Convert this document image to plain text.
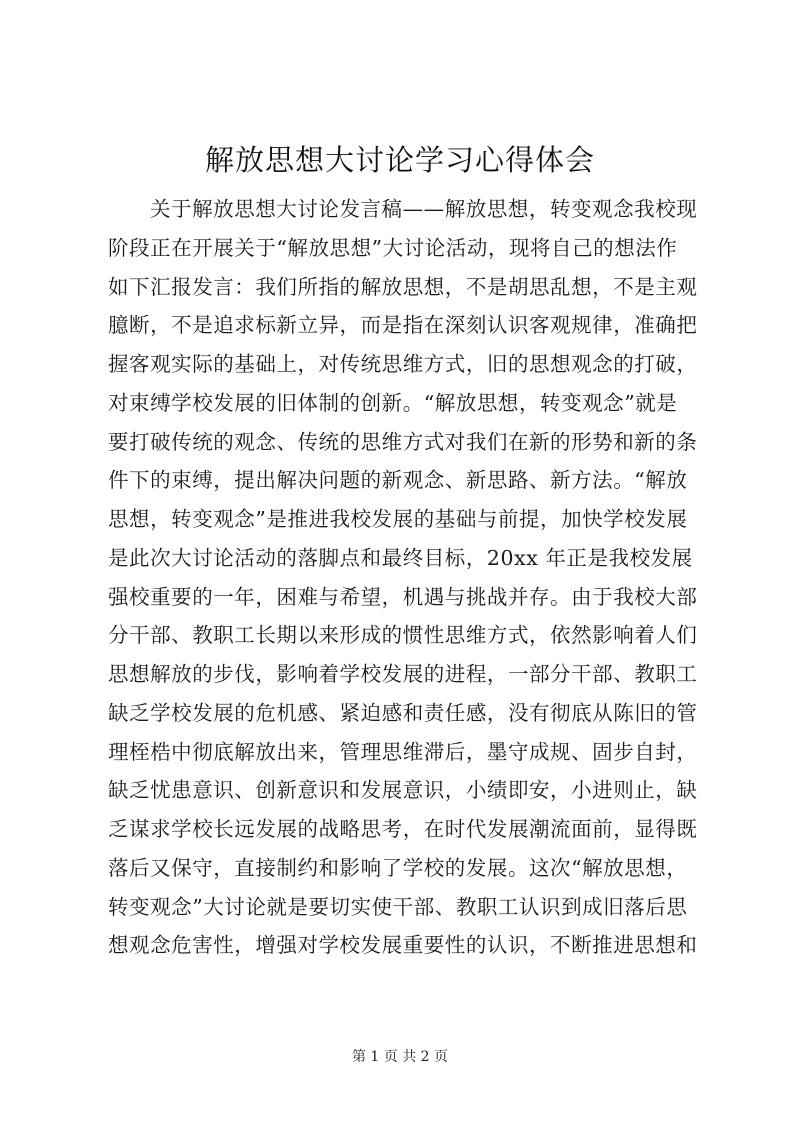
解放思想大讨论学习心得体会
关于解放思想大讨论发言稿——解放思想，转变观念我校现
阶段正在开展关于“解放思想”大讨论活动，现将自己的想法作
如下汇报发言：我们所指的解放思想，不是胡思乱想，不是主观
臆断，不是追求标新立异，而是指在深刻认识客观规律，准确把
握客观实际的基础上，对传统思维方式，旧的思想观念的打破，
对束缚学校发展的旧体制的创新。“解放思想，转变观念”就是
要打破传统的观念、传统的思维方式对我们在新的形势和新的条
件下的束缚，提出解决问题的新观念、新思路、新方法。“解放
思想，转变观念”是推进我校发展的基础与前提，加快学校发展
是此次大讨论活动的落脚点和最终目标，20xx 年正是我校发展
强校重要的一年，困难与希望，机遇与挑战并存。由于我校大部
分干部、教职工长期以来形成的惯性思维方式，依然影响着人们
思想解放的步伐，影响着学校发展的进程，一部分干部、教职工
缺乏学校发展的危机感、紧迫感和责任感，没有彻底从陈旧的管
理桎梏中彻底解放出来，管理思维滞后，墨守成规、固步自封，
缺乏忧患意识、创新意识和发展意识，小绩即安，小进则止，缺
乏谋求学校长远发展的战略思考，在时代发展潮流面前，显得既
落后又保守，直接制约和影响了学校的发展。这次“解放思想，
转变观念”大讨论就是要切实使干部、教职工认识到成旧落后思
想观念危害性，增强对学校发展重要性的认识，不断推进思想和
第 1 页 共 2 页
